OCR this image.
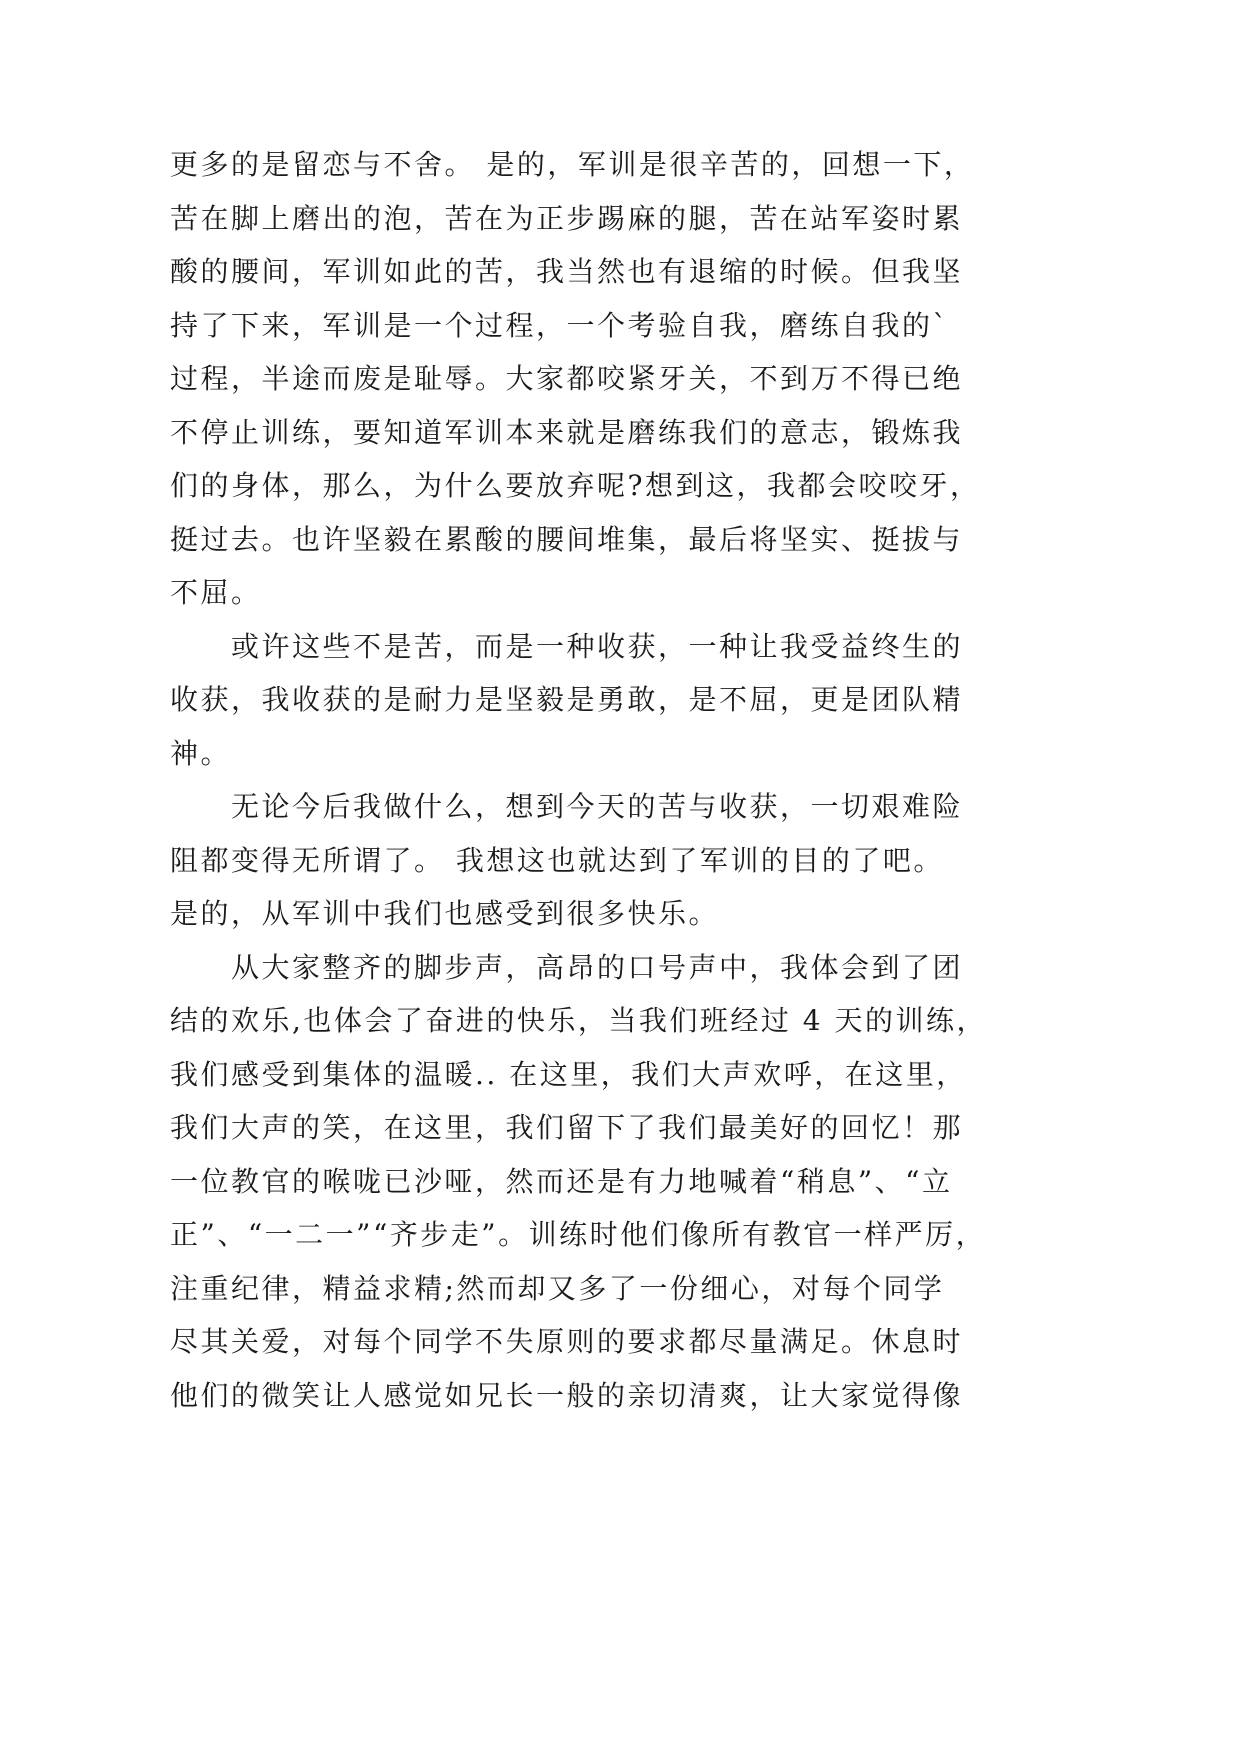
更多的是留恋与不舍。 是的，军训是很辛苦的，回想一下，
苦在脚上磨出的泡，苦在为正步踢麻的腿，苦在站军姿时累
酸的腰间，军训如此的苦，我当然也有退缩的时候。但我坚
持了下来，军训是一个过程，一个考验自我，磨练自我的`
过程，半途而废是耻辱。大家都咬紧牙关，不到万不得已绝
不停止训练，要知道军训本来就是磨练我们的意志，锻炼我
们的身体，那么，为什么要放弃呢?想到这，我都会咬咬牙，
挺过去。也许坚毅在累酸的腰间堆集，最后将坚实、挺拔与
不屈。
或许这些不是苦，而是一种收获，一种让我受益终生的
收获，我收获的是耐力是坚毅是勇敢，是不屈，更是团队精
神。
无论今后我做什么，想到今天的苦与收获，一切艰难险
阻都变得无所谓了。 我想这也就达到了军训的目的了吧。
是的，从军训中我们也感受到很多快乐。
从大家整齐的脚步声，高昂的口号声中，我体会到了团
结的欢乐,也体会了奋进的快乐，当我们班经过 4 天的训练，
我们感受到集体的温暖.. 在这里，我们大声欢呼，在这里，
我们大声的笑，在这里，我们留下了我们最美好的回忆！那
一位教官的喉咙已沙哑，然而还是有力地喊着“稍息”、“立
正”、“一二一”“齐步走”。训练时他们像所有教官一样严厉，
注重纪律，精益求精;然而却又多了一份细心，对每个同学
尽其关爱，对每个同学不失原则的要求都尽量满足。休息时
他们的微笑让人感觉如兄长一般的亲切清爽，让大家觉得像
